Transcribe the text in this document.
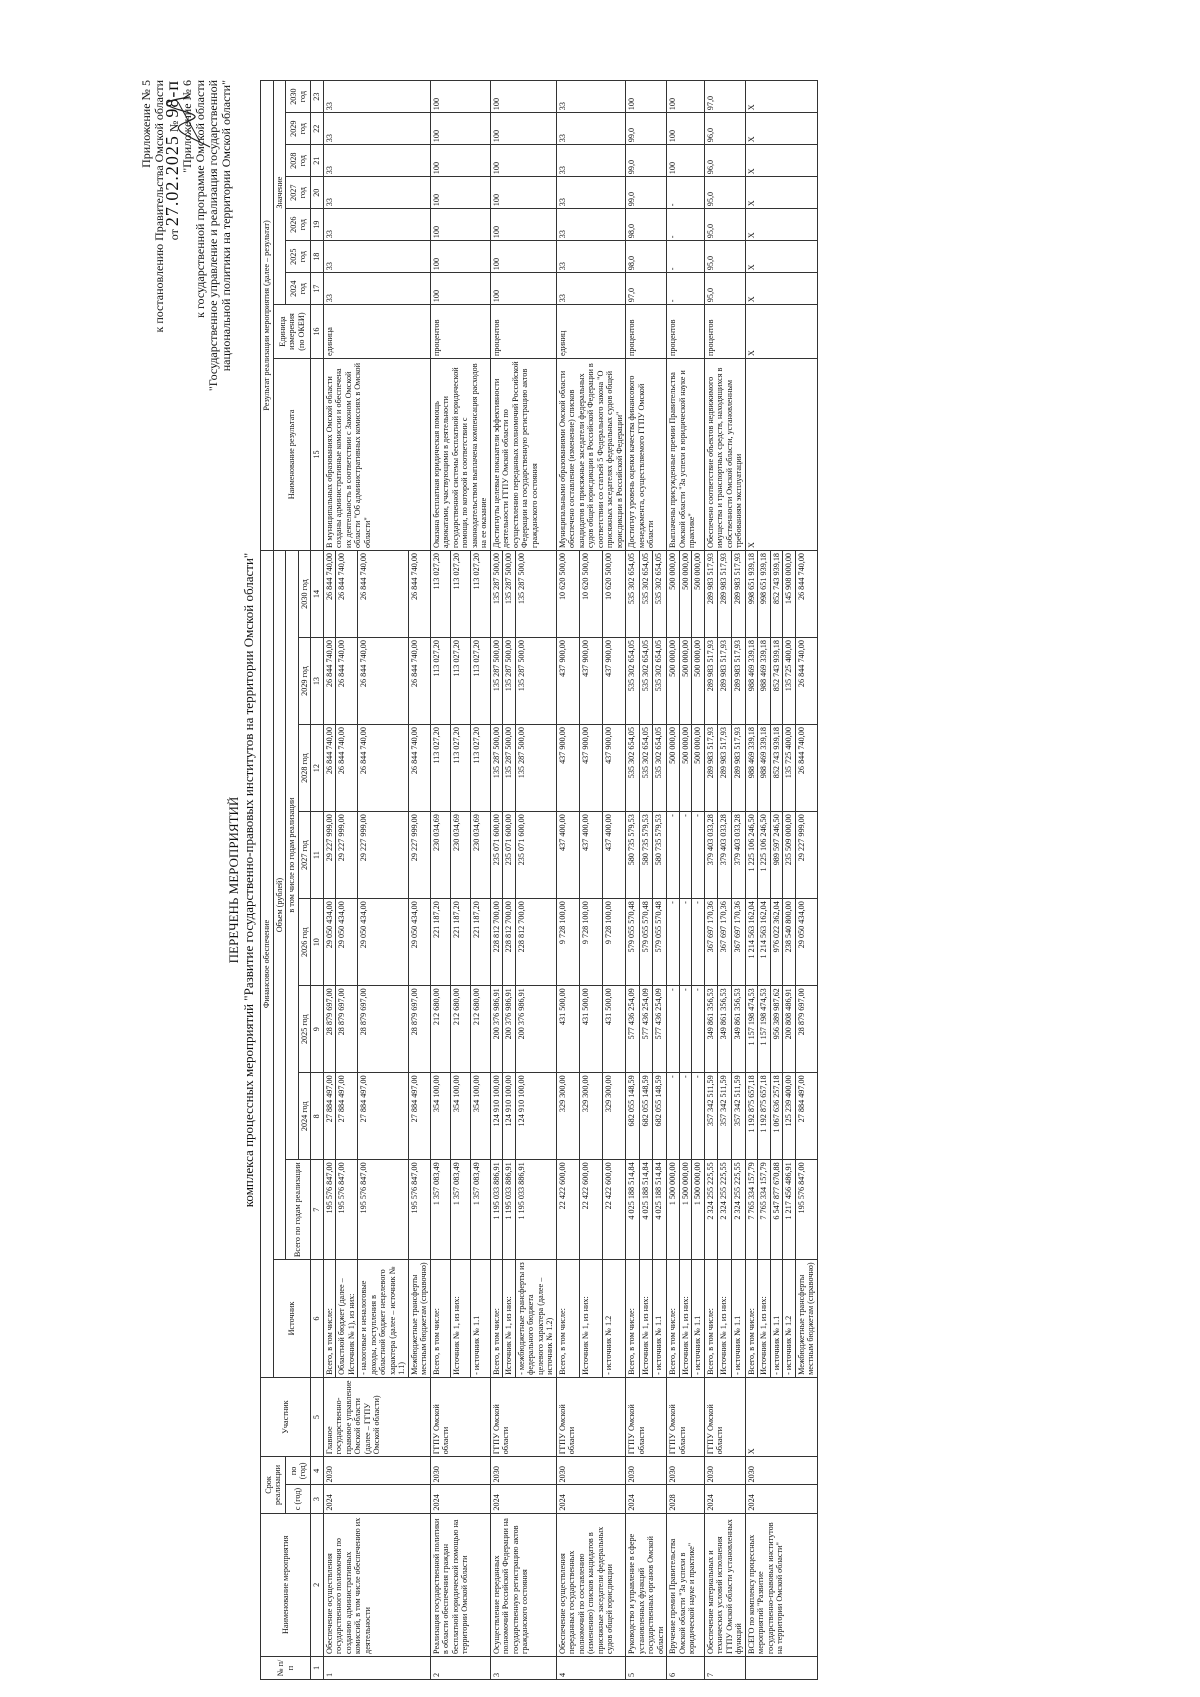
Приложение № 5 к постановлению Правительства Омской области от 27.02.2025 № 98-п
"Приложение № 6 к государственной программе Омской области "Государственное управление и реализация государственной национальной политики на территории Омской области"
ПЕРЕЧЕНЬ МЕРОПРИЯТИЙ комплекса процессных мероприятий "Развитие государственно-правовых институтов на территории Омской области"
№ п/п	Наименование мероприятия	Срок реализации		Участник	Финансовое обеспечение									Результат реализации мероприятия (далее – результат)								
					Источник	Объем (рублей)								Наименование результата	Единица измерения (по ОКЕИ)	Значение						
		с (год)	по (год)			Всего по годам реализации	в том числе по годам реализации									2024 год	2025 год	2026 год	2027 год	2028 год	2029 год	2030 год
							2024 год	2025 год	2026 год	2027 год	2028 год	2029 год	2030 год									
1	2	3	4	5	6	7	8	9	10	11	12	13	14	15	16	17	18	19	20	21	22	23
1	Обеспечение осуществления государственного полномочия по созданию административных комиссий, в том числе обеспечению их деятельности	2024	2030	Главное государственно-правовое управление Омской области (далее – ГГПУ Омской области)	Всего, в том числе:	195 576 847,00	27 884 497,00	28 879 697,00	29 050 434,00	29 227 999,00	26 844 740,00	26 844 740,00	26 844 740,00	В муниципальных образованиях Омской области созданы административные комиссии и обеспечена их деятельность в соответствии с Законом Омской области "Об административных комиссиях в Омской области"	единица	33	33	33	33	33	33	33
					Областной бюджет (далее – Источник № 1), из них:	195 576 847,00	27 884 497,00	28 879 697,00	29 050 434,00	29 227 999,00	26 844 740,00	26 844 740,00	26 844 740,00									
					- налоговые и неналоговые доходы, поступления в областной бюджет нецелевого характера (далее – источник № 1.1)	195 576 847,00	27 884 497,00	28 879 697,00	29 050 434,00	29 227 999,00	26 844 740,00	26 844 740,00	26 844 740,00									
					Межбюджетные трансферты местным бюджетам (справочно)	195 576 847,00	27 884 497,00	28 879 697,00	29 050 434,00	29 227 999,00	26 844 740,00	26 844 740,00	26 844 740,00									
2	Реализация государственной политики в области обеспечения граждан бесплатной юридической помощью на территории Омской области	2024	2030	ГГПУ Омской области	Всего, в том числе:	1 357 083,49	354 100,00	212 680,00	221 187,20	230 034,69	113 027,20	113 027,20	113 027,20	Оказана бесплатная юридическая помощь адвокатами, участвующими в деятельности государственной системы бесплатной юридической помощи, по которой в соответствии с законодательством выплачена компенсация расходов на ее оказание	процентов	100	100	100	100	100	100	100
					Источник № 1, из них:	1 357 083,49	354 100,00	212 680,00	221 187,20	230 034,69	113 027,20	113 027,20	113 027,20									
					- источник № 1.1	1 357 083,49	354 100,00	212 680,00	221 187,20	230 034,69	113 027,20	113 027,20	113 027,20									
3	Осуществление переданных полномочий Российской Федерации на государственную регистрацию актов гражданского состояния	2024	2030	ГГПУ Омской области	Всего, в том числе:	1 195 033 886,91	124 910 100,00	200 376 986,91	228 812 700,00	235 071 600,00	135 287 500,00	135 287 500,00	135 287 500,00	Достигнуты целевые показатели эффективности деятельности ГГПУ Омской области по осуществлению переданных полномочий Российской Федерации на государственную регистрацию актов гражданского состояния	процентов	100	100	100	100	100	100	100
					Источник № 1, из них:	1 195 033 886,91	124 910 100,00	200 376 986,91	228 812 700,00	235 071 600,00	135 287 500,00	135 287 500,00	135 287 500,00									
					- межбюджетные трансферты из федерального бюджета целевого характера (далее – источник № 1.2)	1 195 033 886,91	124 910 100,00	200 376 986,91	228 812 700,00	235 071 600,00	135 287 500,00	135 287 500,00	135 287 500,00									
4	Обеспечение осуществления переданных государственных полномочий по составлению (изменению) списков кандидатов в присяжные заседатели федеральных судов общей юрисдикции	2024	2030	ГГПУ Омской области	Всего, в том числе:	22 422 600,00	329 300,00	431 500,00	9 728 100,00	437 400,00	437 900,00	437 900,00	10 620 500,00	Муниципальными образованиями Омской области обеспечено составление (изменение) списков кандидатов в присяжные заседатели федеральных судов общей юрисдикции в Российской Федерации в соответствии со статьей 5 Федерального закона "О присяжных заседателях федеральных судов общей юрисдикции в Российской Федерации"	единиц	33	33	33	33	33	33	33
					Источник № 1, из них:	22 422 600,00	329 300,00	431 500,00	9 728 100,00	437 400,00	437 900,00	437 900,00	10 620 500,00									
					- источник № 1.2	22 422 600,00	329 300,00	431 500,00	9 728 100,00	437 400,00	437 900,00	437 900,00	10 620 500,00									
5	Руководство и управление в сфере установленных функций государственных органов Омской области	2024	2030	ГГПУ Омской области	Всего, в том числе:	4 025 188 514,84	682 055 148,59	577 436 254,09	579 055 570,48	580 735 579,53	535 302 654,05	535 302 654,05	535 302 654,05	Достигнут уровень оценки качества финансового менеджмента, осуществляемого ГГПУ Омской области	процентов	97,0	98,0	98,0	99,0	99,0	99,0	100
					Источник № 1, из них:	4 025 188 514,84	682 055 148,59	577 436 254,09	579 055 570,48	580 735 579,53	535 302 654,05	535 302 654,05	535 302 654,05									
					- источник № 1.1	4 025 188 514,84	682 055 148,59	577 436 254,09	579 055 570,48	580 735 579,53	535 302 654,05	535 302 654,05	535 302 654,05									
6	Вручение премии Правительства Омской области "За успехи в юридической науке и практике"	2028	2030	ГГПУ Омской области	Всего, в том числе:	1 500 000,00	-	-	-	-	500 000,00	500 000,00	500 000,00	Выплачены присужденные премии Правительства Омской области "За успехи в юридической науке и практике"	процентов	-	-	-	-	100	100	100
					Источник № 1, из них:	1 500 000,00	-	-	-	-	500 000,00	500 000,00	500 000,00									
					- источник № 1.1	1 500 000,00	-	-	-	-	500 000,00	500 000,00	500 000,00									
7	Обеспечение материальных и технических условий исполнения ГГПУ Омской области установленных функций	2024	2030	ГГПУ Омской области	Всего, в том числе:	2 324 255 225,55	357 342 511,59	349 861 356,53	367 697 170,36	379 403 033,28	289 983 517,93	289 983 517,93	289 983 517,93	Обеспечено соответствие объектов недвижимого имущества и транспортных средств, находящихся в собственности Омской области, установленным требованиям эксплуатации	процентов	95,0	95,0	95,0	95,0	96,0	96,0	97,0
					Источник № 1, из них:	2 324 255 225,55	357 342 511,59	349 861 356,53	367 697 170,36	379 403 033,28	289 983 517,93	289 983 517,93	289 983 517,93									
					- источник № 1.1	2 324 255 225,55	357 342 511,59	349 861 356,53	367 697 170,36	379 403 033,28	289 983 517,93	289 983 517,93	289 983 517,93									
	ВСЕГО по комплексу процессных мероприятий "Развитие государственно-правовых институтов на территории Омской области"	2024	2030	X	Всего, в том числе:	7 765 334 157,79	1 192 875 657,18	1 157 198 474,53	1 214 563 162,04	1 225 106 246,50	988 469 339,18	988 469 339,18	998 651 939,18	X	X	X	X	X	X	X	X	X
					Источник № 1, из них:	7 765 334 157,79	1 192 875 657,18	1 157 198 474,53	1 214 563 162,04	1 225 106 246,50	988 469 339,18	988 469 339,18	998 651 939,18									
					- источник № 1.1	6 547 877 670,88	1 067 636 257,18	956 389 987,62	976 022 362,04	989 597 246,50	852 743 939,18	852 743 939,18	852 743 939,18									
					- источник № 1.2	1 217 456 486,91	125 239 400,00	200 808 486,91	238 540 800,00	235 509 000,00	135 725 400,00	135 725 400,00	145 908 000,00									
					Межбюджетные трансферты местным бюджетам (справочно)	195 576 847,00	27 884 497,00	28 879 697,00	29 050 434,00	29 227 999,00	26 844 740,00	26 844 740,00	26 844 740,00									
